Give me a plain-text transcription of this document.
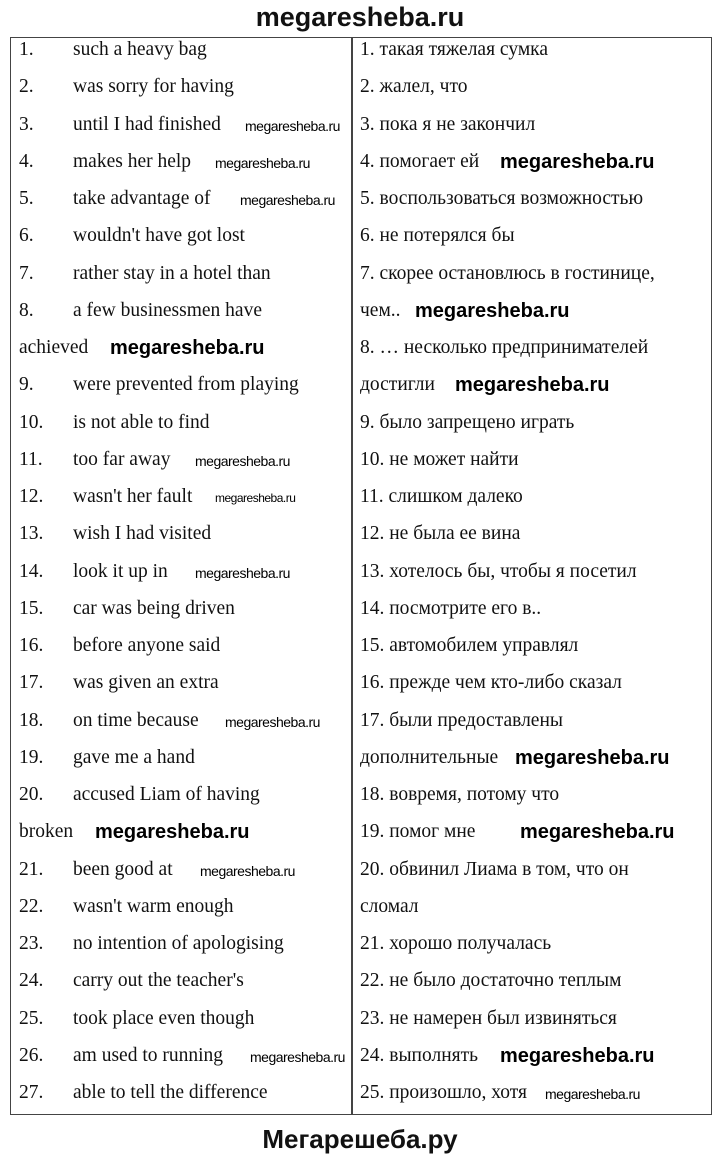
megaresheba.ru
1. such a heavy bag
2. was sorry for having
3. until I had finished
4. makes her help
5. take advantage of
6. wouldn't have got lost
7. rather stay in a hotel than
8. a few businessmen have
achieved
9. were prevented from playing
10. is not able to find
11. too far away
12. wasn't her fault
13. wish I had visited
14. look it up in
15. car was being driven
16. before anyone said
17. was given an extra
18. on time because
19. gave me a hand
20. accused Liam of having
broken
21. been good at
22. wasn't warm enough
23. no intention of apologising
24. carry out the teacher's
25. took place even though
26. am used to running
27. able to tell the difference
1. такая тяжелая сумка
2. жалел, что
3. пока я не закончил
4. помогает ей
5. воспользоваться возможностью
6. не потерялся бы
7. скорее остановлюсь в гостинице,
чем..
8. … несколько предпринимателей
достигли
9. было запрещено играть
10. не может найти
11. слишком далеко
12. не была ее вина
13. хотелось бы, чтобы я посетил
14. посмотрите его в..
15. автомобилем управлял
16. прежде чем кто-либо сказал
17. были предоставлены
дополнительные
18. вовремя, потому что
19. помог мне
20. обвинил Лиама в том, что он
сломал
21. хорошо получалась
22. не было достаточно теплым
23. не намерен был извиняться
24. выполнять
25. произошло, хотя
megaresheba.ru
megaresheba.ru
megaresheba.ru
megaresheba.ru
megaresheba.ru
megaresheba.ru
megaresheba.ru
megaresheba.ru
megaresheba.ru
megaresheba.ru
megaresheba.ru
megaresheba.ru
megaresheba.ru	megaresheba.ru
megaresheba.ru
megaresheba.ru
megaresheba.ru
megaresheba.ru
Мегарешеба.ру
